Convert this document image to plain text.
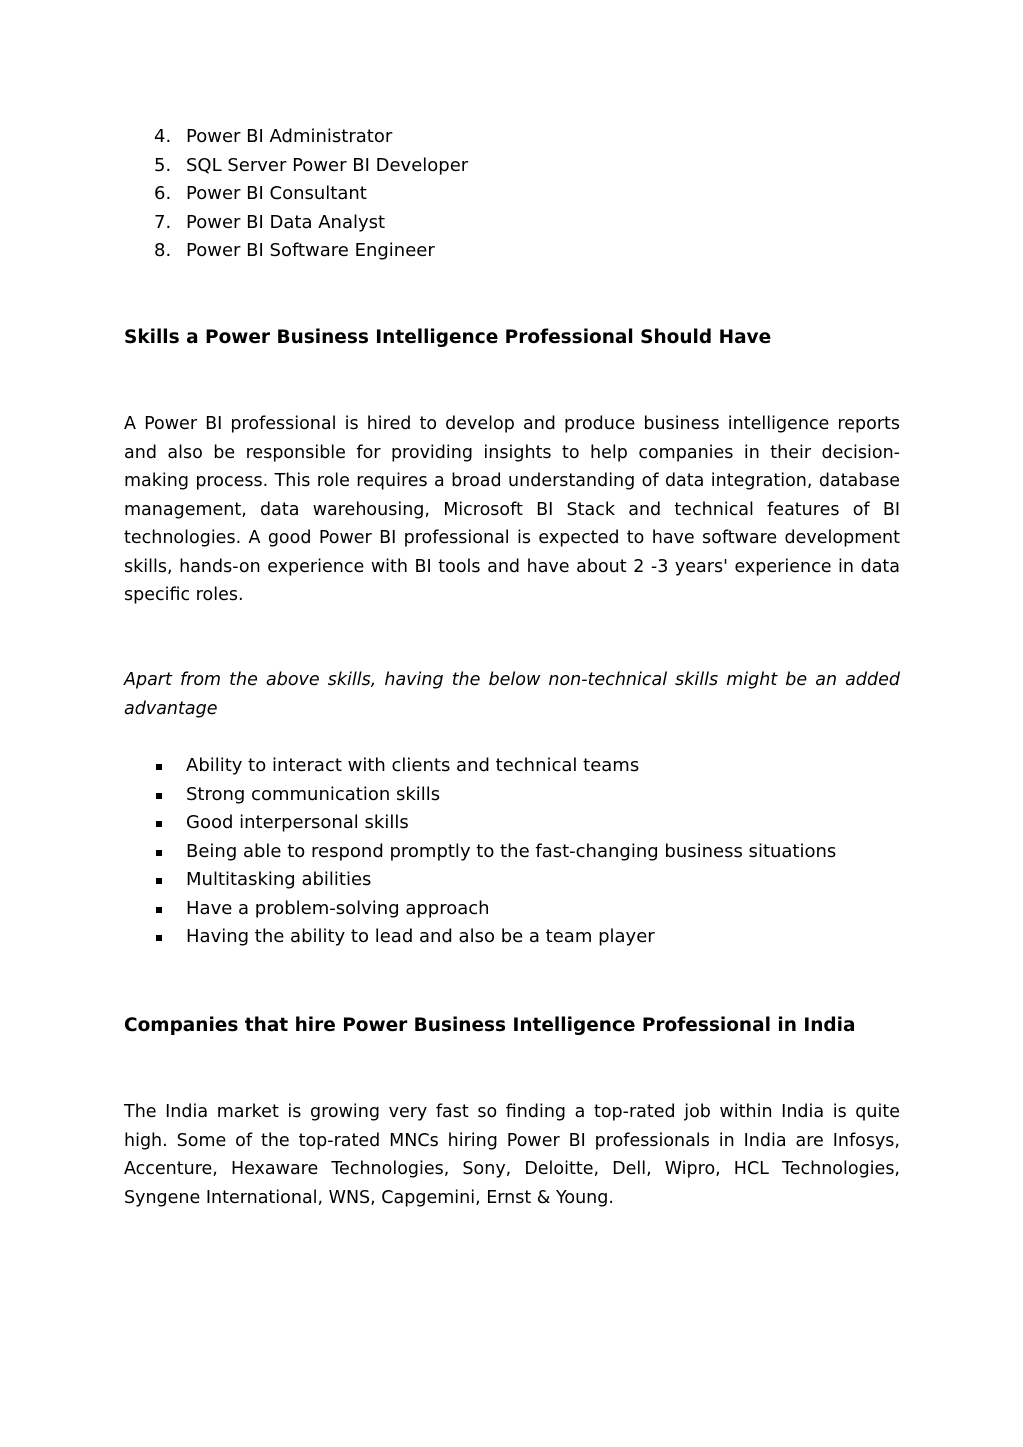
4. Power BI Administrator
5. SQL Server Power BI Developer
6. Power BI Consultant
7. Power BI Data Analyst
8. Power BI Software Engineer
Skills a Power Business Intelligence Professional Should Have

A Power BI professional is hired to develop and produce business intelligence reports and also be responsible for providing insights to help companies in their decision-making process. This role requires a broad understanding of data integration, database management, data warehousing, Microsoft BI Stack and technical features of BI technologies. A good Power BI professional is expected to have software development skills, hands-on experience with BI tools and have about 2 -3 years' experience in data specific roles.

Apart from the above skills, having the below non-technical skills might be an added advantage

Ability to interact with clients and technical teams
Strong communication skills
Good interpersonal skills
Being able to respond promptly to the fast-changing business situations
Multitasking abilities
Have a problem-solving approach
Having the ability to lead and also be a team player
Companies that hire Power Business Intelligence Professional in India

The India market is growing very fast so finding a top-rated job within India is quite high. Some of the top-rated MNCs hiring Power BI professionals in India are Infosys, Accenture, Hexaware Technologies, Sony, Deloitte, Dell, Wipro, HCL Technologies, Syngene International, WNS, Capgemini, Ernst & Young.
